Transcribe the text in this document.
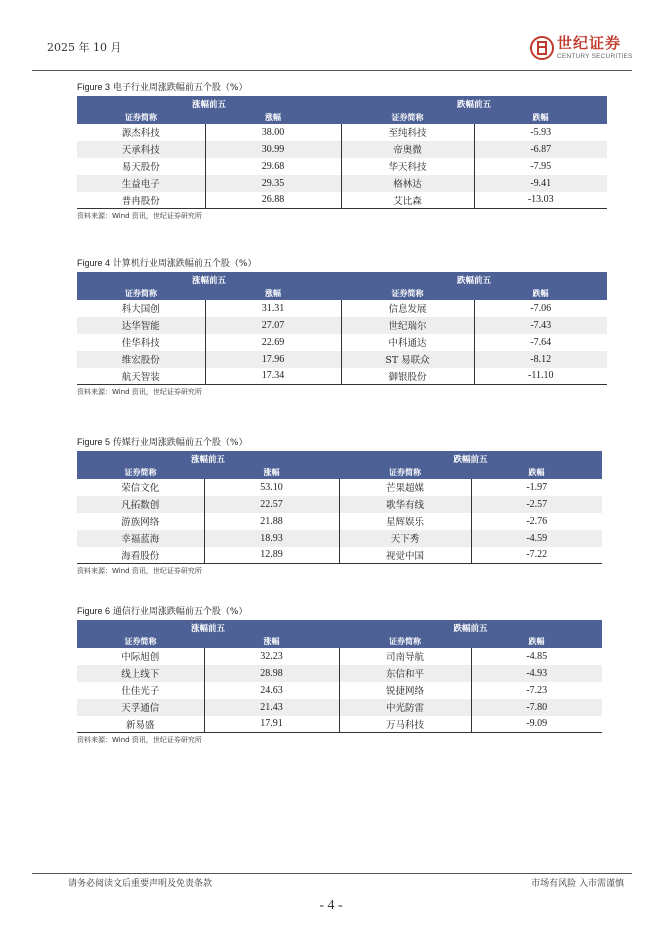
2025 年 10 月	世纪证券
CENTURY SECURITIES
Figure 3 电子行业周涨跌幅前五个股（%）
涨幅前五		跌幅前五	
证券简称	涨幅	证券简称	跌幅
源杰科技	38.00	至纯科技	-5.93
天承科技	30.99	帝奥微	-6.87
易天股份	29.68	华天科技	-7.95
生益电子	29.35	格林达	-9.41
普冉股份	26.88	艾比森	-13.03
资料来源：Wind 资讯，世纪证券研究所
Figure 4 计算机行业周涨跌幅前五个股（%）
涨幅前五		跌幅前五	
证券简称	涨幅	证券简称	跌幅
科大国创	31.31	信息发展	-7.06
达华智能	27.07	世纪瑞尔	-7.43
佳华科技	22.69	中科通达	-7.64
维宏股份	17.96	ST 易联众	-8.12
航天智装	17.34	御银股份	-11.10
资料来源：Wind 资讯，世纪证券研究所
Figure 5 传媒行业周涨跌幅前五个股（%）
涨幅前五		跌幅前五	
证券简称	涨幅	证券简称	跌幅
荣信文化	53.10	芒果超媒	-1.97
凡拓数创	22.57	歌华有线	-2.57
游族网络	21.88	星辉娱乐	-2.76
幸福蓝海	18.93	天下秀	-4.59
海看股份	12.89	视觉中国	-7.22
资料来源：Wind 资讯，世纪证券研究所
Figure 6 通信行业周涨跌幅前五个股（%）
涨幅前五		跌幅前五	
证券简称	涨幅	证券简称	跌幅
中际旭创	32.23	司南导航	-4.85
线上线下	28.98	东信和平	-4.93
仕佳光子	24.63	锐捷网络	-7.23
天孚通信	21.43	中光防雷	-7.80
新易盛	17.91	万马科技	-9.09
资料来源：Wind 资讯，世纪证券研究所
请务必阅读文后重要声明及免责条款	市场有风险 入市需谨慎
- 4 -
